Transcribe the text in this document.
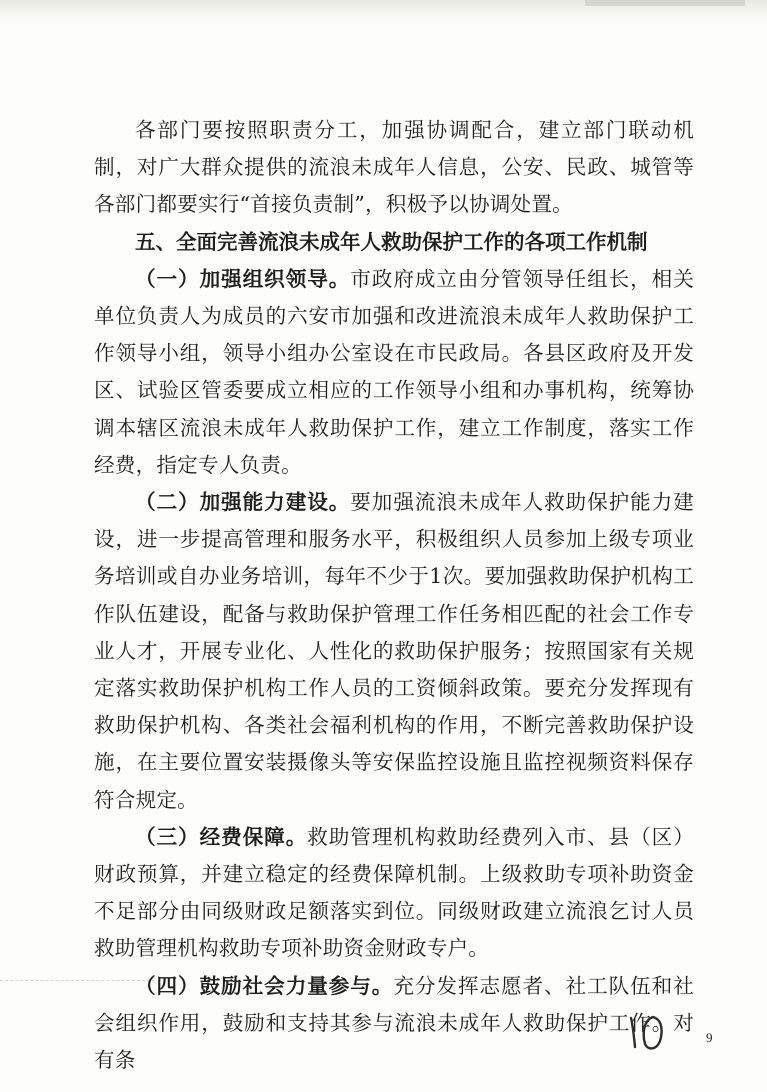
各部门要按照职责分工，加强协调配合，建立部门联动机制，对广大群众提供的流浪未成年人信息，公安、民政、城管等各部门都要实行“首接负责制”，积极予以协调处置。

五、全面完善流浪未成年人救助保护工作的各项工作机制

（一）加强组织领导。市政府成立由分管领导任组长，相关单位负责人为成员的六安市加强和改进流浪未成年人救助保护工作领导小组，领导小组办公室设在市民政局。各县区政府及开发区、试验区管委要成立相应的工作领导小组和办事机构，统筹协调本辖区流浪未成年人救助保护工作，建立工作制度，落实工作经费，指定专人负责。

（二）加强能力建设。要加强流浪未成年人救助保护能力建设，进一步提高管理和服务水平，积极组织人员参加上级专项业务培训或自办业务培训，每年不少于1次。要加强救助保护机构工作队伍建设，配备与救助保护管理工作任务相匹配的社会工作专业人才，开展专业化、人性化的救助保护服务；按照国家有关规定落实救助保护机构工作人员的工资倾斜政策。要充分发挥现有救助保护机构、各类社会福利机构的作用，不断完善救助保护设施，在主要位置安装摄像头等安保监控设施且监控视频资料保存符合规定。

（三）经费保障。救助管理机构救助经费列入市、县（区）财政预算，并建立稳定的经费保障机制。上级救助专项补助资金不足部分由同级财政足额落实到位。同级财政建立流浪乞讨人员救助管理机构救助专项补助资金财政专户。

（四）鼓励社会力量参与。充分发挥志愿者、社工队伍和社会组织作用，鼓励和支持其参与流浪未成年人救助保护工作。对有条

9
